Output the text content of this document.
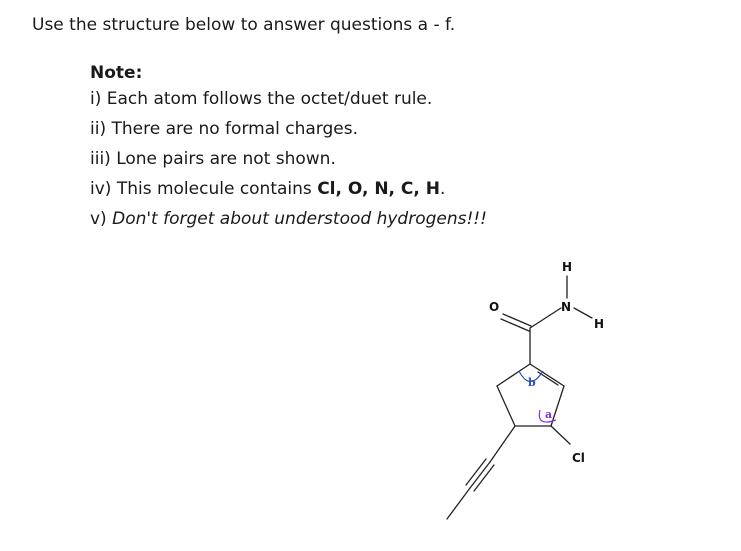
Use the structure below to answer questions a - f.
Note:
i) Each atom follows the octet/duet rule.
ii) There are no formal charges.
iii) Lone pairs are not shown.
iv) This molecule contains Cl, O, N, C, H.
v) Don't forget about understood hydrogens!!!
O	N
H
H
Cl
b
a
